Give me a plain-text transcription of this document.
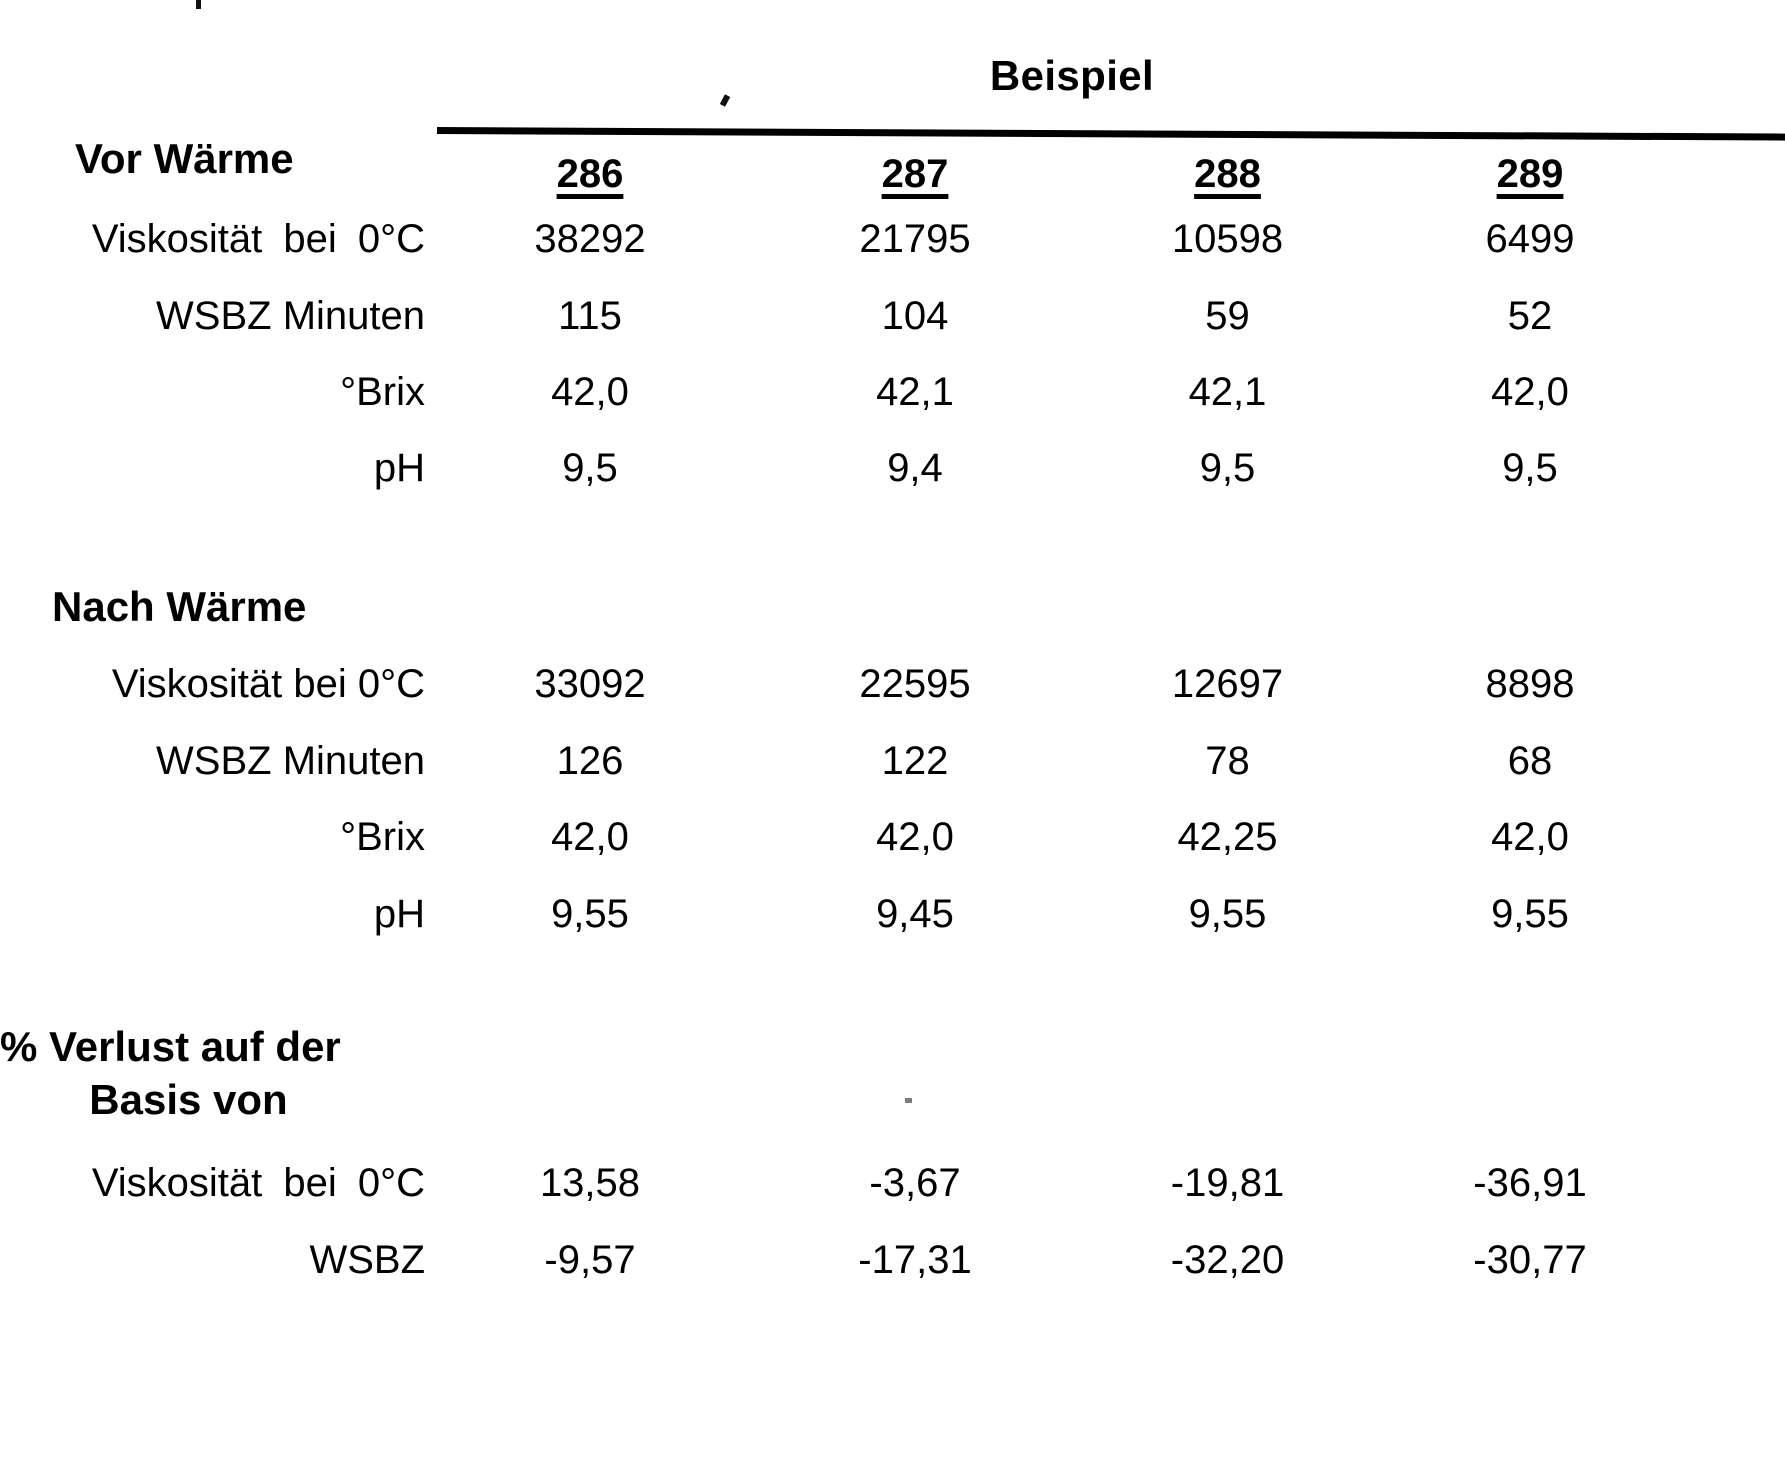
Beispiel
Vor Wärme
Nach Wärme
% Verlust auf der
Basis von
286	287	288	289
Viskosität bei 0°C	38292	21795	10598	6499
WSBZ Minuten	115	104	59	52
°Brix	42,0	42,1	42,1	42,0
pH	9,5	9,4	9,5	9,5
Viskosität bei 0°C	33092	22595	12697	8898
WSBZ Minuten	126	122	78	68
°Brix	42,0	42,0	42,25	42,0
pH	9,55	9,45	9,55	9,55
Viskosität bei 0°C	13,58	-3,67	-19,81	-36,91
WSBZ	-9,57	-17,31	-32,20	-30,77
